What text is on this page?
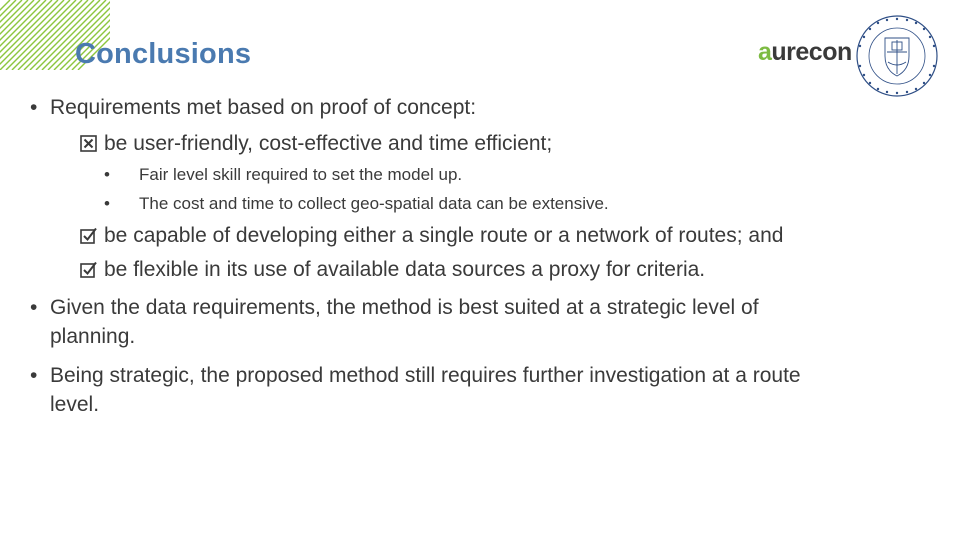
Conclusions	aurecon
• Requirements met based on proof of concept:
be user-friendly, cost-effective and time efficient;
• Fair level skill required to set the model up.
• The cost and time to collect geo-spatial data can be extensive.
be capable of developing either a single route or a network of routes; and
be flexible in its use of available data sources a proxy for criteria.
• Given the data requirements, the method is best suited at a strategic level of
planning.
• Being strategic, the proposed method still requires further investigation at a route
level.
